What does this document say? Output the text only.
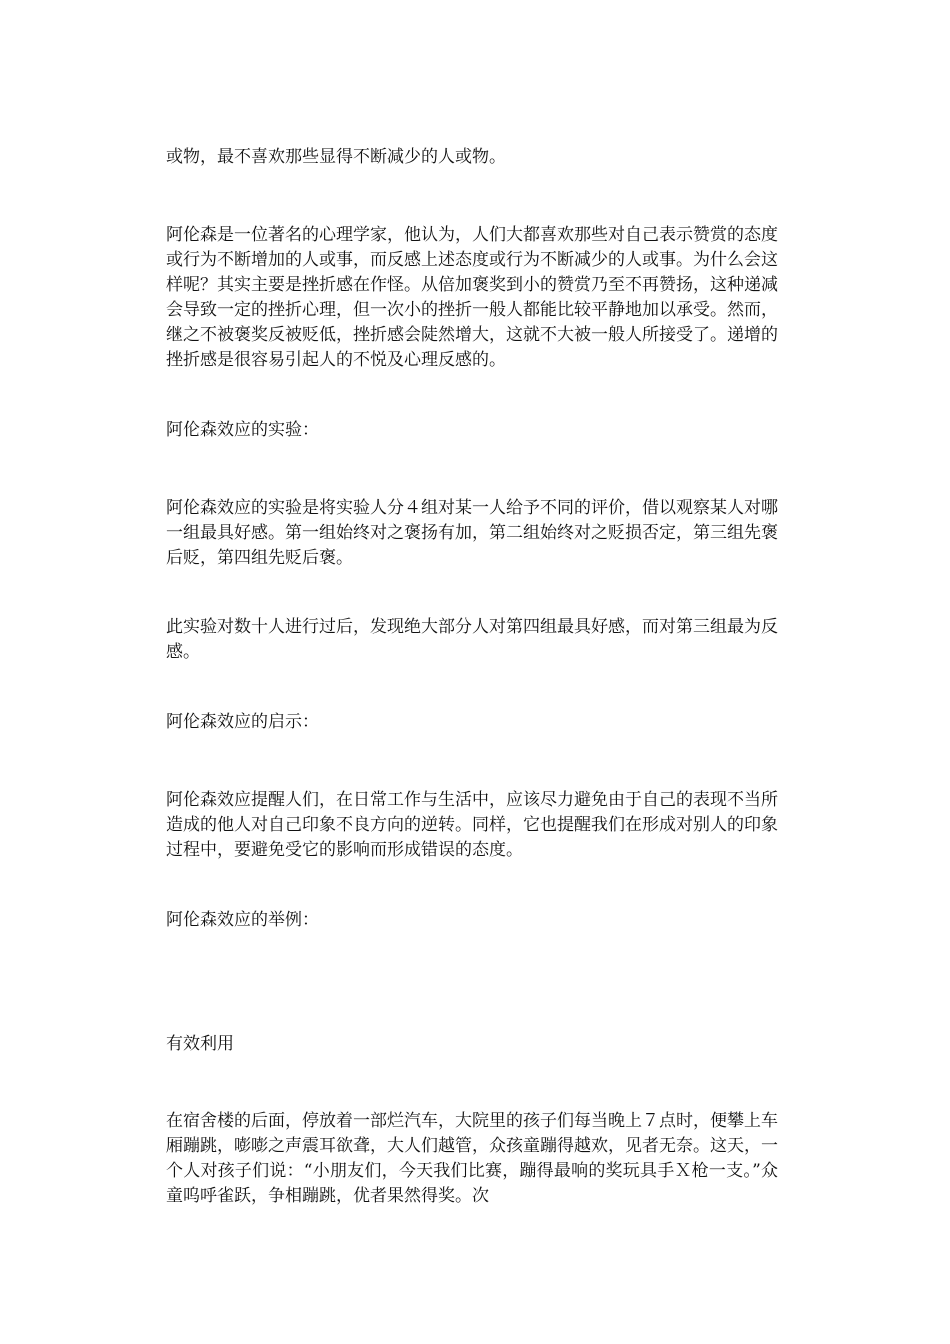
或物，最不喜欢那些显得不断减少的人或物。

阿伦森是一位著名的心理学家，他认为，人们大都喜欢那些对自己表示赞赏的态度或行为不断增加的人或事，而反感上述态度或行为不断减少的人或事。为什么会这样呢？其实主要是挫折感在作怪。从倍加褒奖到小的赞赏乃至不再赞扬，这种递减会导致一定的挫折心理，但一次小的挫折一般人都能比较平静地加以承受。然而，继之不被褒奖反被贬低，挫折感会陡然增大，这就不大被一般人所接受了。递增的挫折感是很容易引起人的不悦及心理反感的。

阿伦森效应的实验：

阿伦森效应的实验是将实验人分４组对某一人给予不同的评价，借以观察某人对哪一组最具好感。第一组始终对之褒扬有加，第二组始终对之贬损否定，第三组先褒后贬，第四组先贬后褒。

此实验对数十人进行过后，发现绝大部分人对第四组最具好感，而对第三组最为反感。

阿伦森效应的启示：

阿伦森效应提醒人们，在日常工作与生活中，应该尽力避免由于自己的表现不当所造成的他人对自己印象不良方向的逆转。同样，它也提醒我们在形成对别人的印象过程中，要避免受它的影响而形成错误的态度。

阿伦森效应的举例：

有效利用

在宿舍楼的后面，停放着一部烂汽车，大院里的孩子们每当晚上７点时，便攀上车厢蹦跳，嘭嘭之声震耳欲聋，大人们越管，众孩童蹦得越欢，见者无奈。这天，一个人对孩子们说：“小朋友们，今天我们比赛，蹦得最响的奖玩具手Ｘ枪一支。”众童呜呼雀跃，争相蹦跳，优者果然得奖。次
